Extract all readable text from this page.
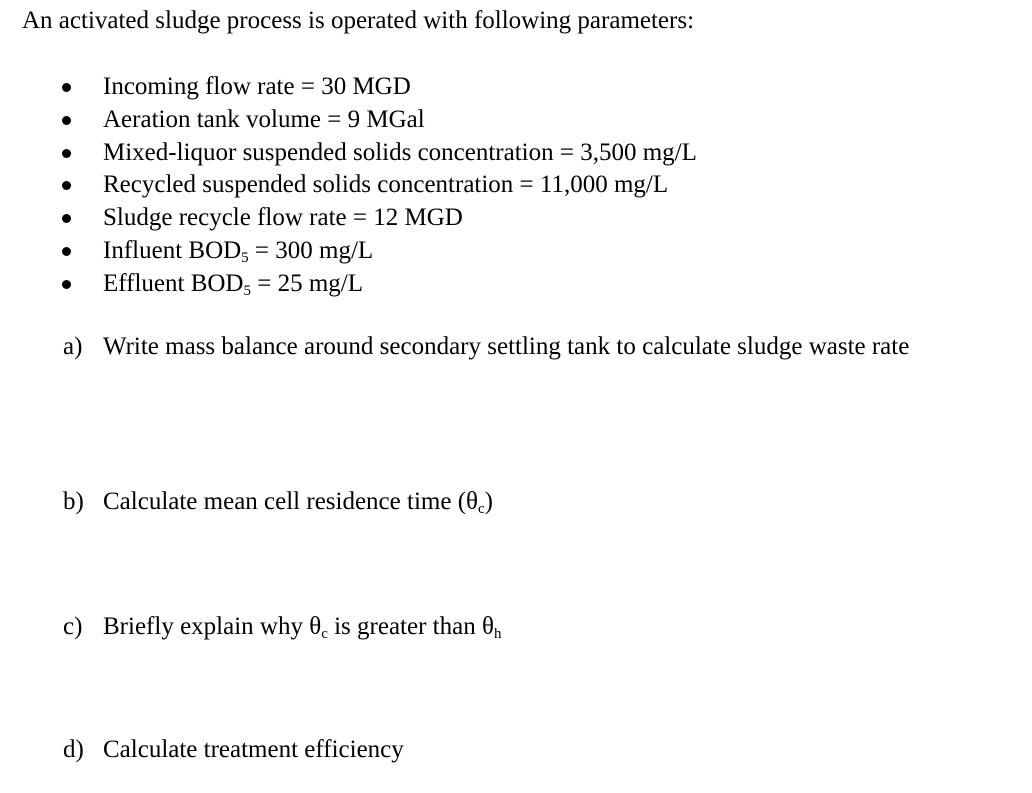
An activated sludge process is operated with following parameters:

Incoming flow rate = 30 MGD
Aeration tank volume = 9 MGal
Mixed-liquor suspended solids concentration = 3,500 mg/L
Recycled suspended solids concentration = 11,000 mg/L
Sludge recycle flow rate = 12 MGD
Influent $BOD_5 = 300$ mg/L
Effluent $BOD_5 = 25$ mg/L
a) Write mass balance around secondary settling tank to calculate sludge waste rate
b) Calculate mean cell residence time $(\theta_c)$
c) Briefly explain why $\theta_c$ is greater than $\theta_h$
d) Calculate treatment efficiency
